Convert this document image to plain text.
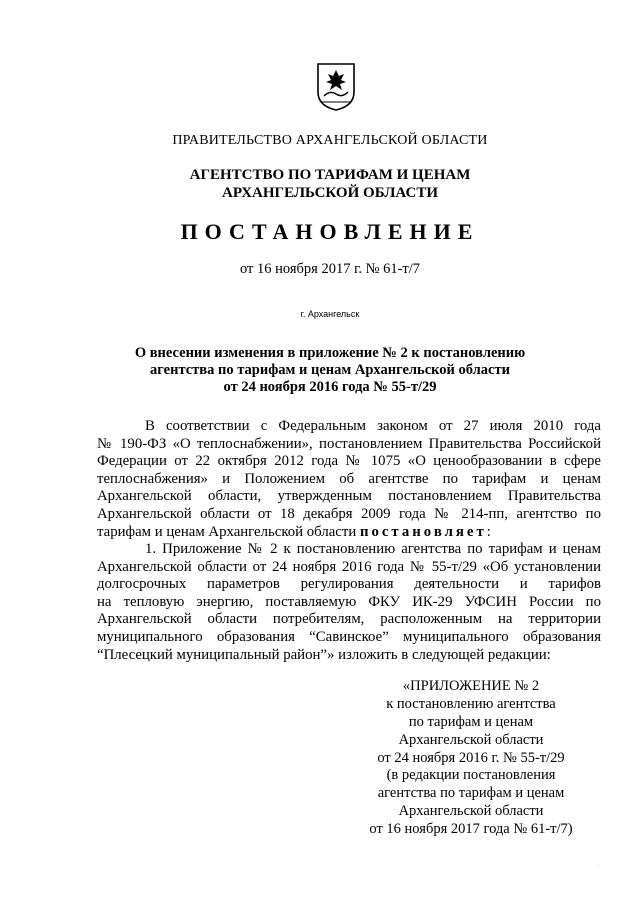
ПРАВИТЕЛЬСТВО АРХАНГЕЛЬСКОЙ ОБЛАСТИ
АГЕНТСТВО ПО ТАРИФАМ И ЦЕНАМ
АРХАНГЕЛЬСКОЙ ОБЛАСТИ
ПОСТАНОВЛЕНИЕ
от 16 ноября 2017 г. № 61-т/7
г. Архангельск
О внесении изменения в приложение № 2 к постановлению
агентства по тарифам и ценам Архангельской области
от 24 ноября 2016 года № 55-т/29
В соответствии с Федеральным законом от 27 июля 2010 года
№ 190-ФЗ «О теплоснабжении», постановлением Правительства Российской
Федерации от 22 октября 2012 года № 1075 «О ценообразовании в сфере
теплоснабжения» и Положением об агентстве по тарифам и ценам
Архангельской области, утвержденным постановлением Правительства
Архангельской области от 18 декабря 2009 года № 214-пп, агентство по
тарифам и ценам Архангельской области постановляет:
1. Приложение № 2 к постановлению агентства по тарифам и ценам
Архангельской области от 24 ноября 2016 года № 55-т/29 «Об установлении
долгосрочных параметров регулирования деятельности и тарифов
на тепловую энергию, поставляемую ФКУ ИК-29 УФСИН России по
Архангельской области потребителям, расположенным на территории
муниципального образования “Савинское” муниципального образования
“Плесецкий муниципальный район”» изложить в следующей редакции:
«ПРИЛОЖЕНИЕ № 2
к постановлению агентства
по тарифам и ценам
Архангельской области
от 24 ноября 2016 г. № 55-т/29
(в редакции постановления
агентства по тарифам и ценам
Архангельской области
от 16 ноября 2017 года № 61-т/7)
·
